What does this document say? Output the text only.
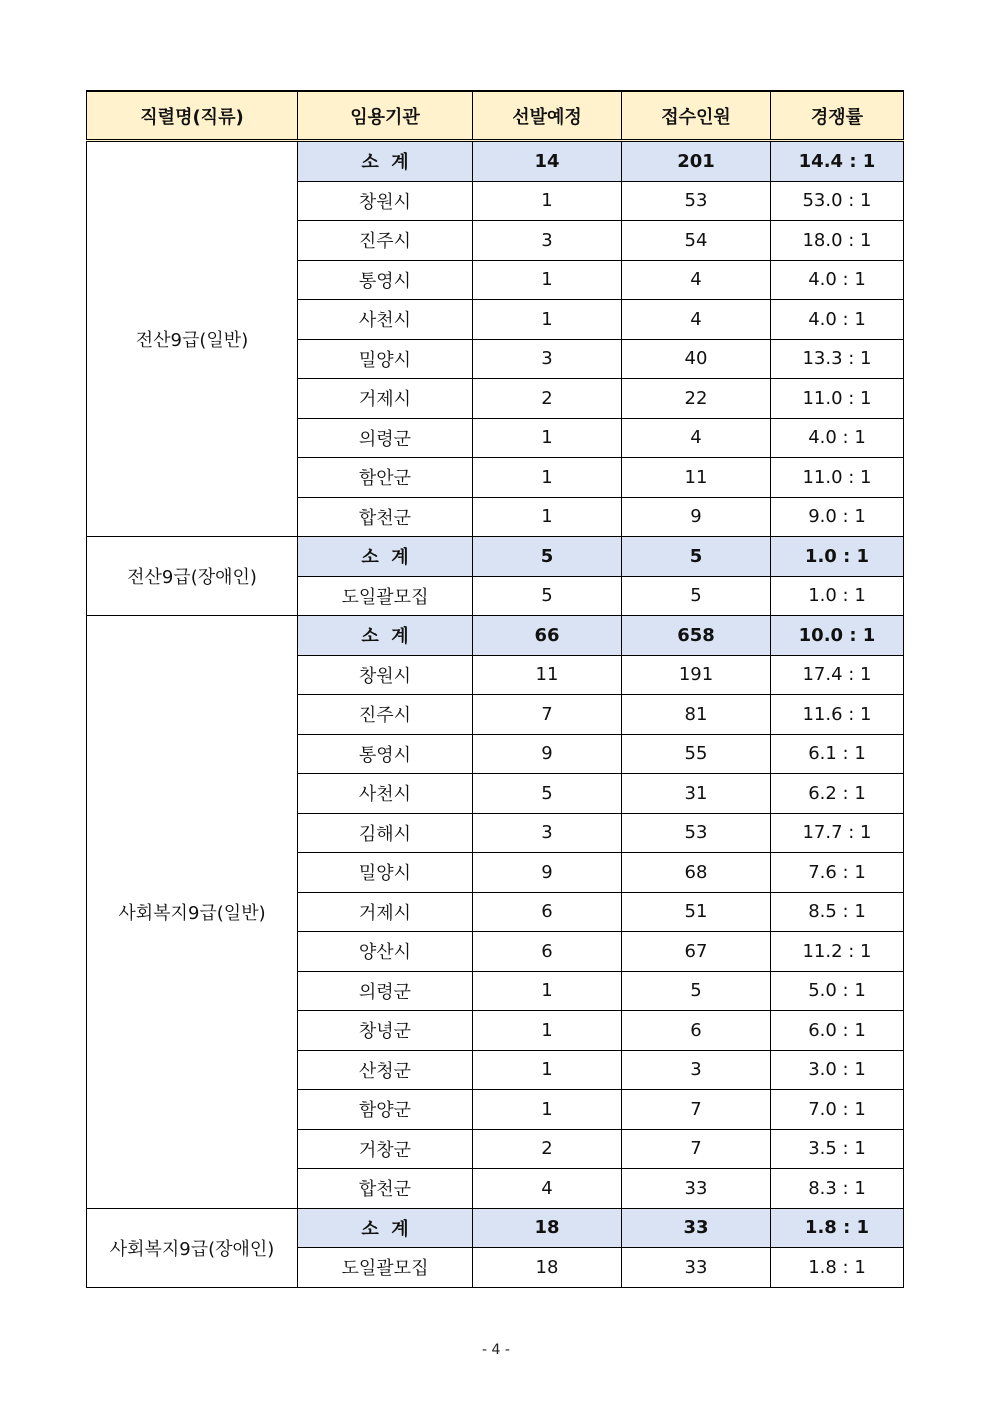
직렬명(직류)	임용기관	선발예정	접수인원	경쟁률
전산9급(일반)	소  계	14	201	14.4 : 1
	창원시	1	53	53.0 : 1
	진주시	3	54	18.0 : 1
	통영시	1	4	4.0 : 1
	사천시	1	4	4.0 : 1
	밀양시	3	40	13.3 : 1
	거제시	2	22	11.0 : 1
	의령군	1	4	4.0 : 1
	함안군	1	11	11.0 : 1
	합천군	1	9	9.0 : 1
전산9급(장애인)	소  계	5	5	1.0 : 1
	도일괄모집	5	5	1.0 : 1
사회복지9급(일반)	소  계	66	658	10.0 : 1
	창원시	11	191	17.4 : 1
	진주시	7	81	11.6 : 1
	통영시	9	55	6.1 : 1
	사천시	5	31	6.2 : 1
	김해시	3	53	17.7 : 1
	밀양시	9	68	7.6 : 1
	거제시	6	51	8.5 : 1
	양산시	6	67	11.2 : 1
	의령군	1	5	5.0 : 1
	창녕군	1	6	6.0 : 1
	산청군	1	3	3.0 : 1
	함양군	1	7	7.0 : 1
	거창군	2	7	3.5 : 1
	합천군	4	33	8.3 : 1
사회복지9급(장애인)	소  계	18	33	1.8 : 1
	도일괄모집	18	33	1.8 : 1
- 4 -
